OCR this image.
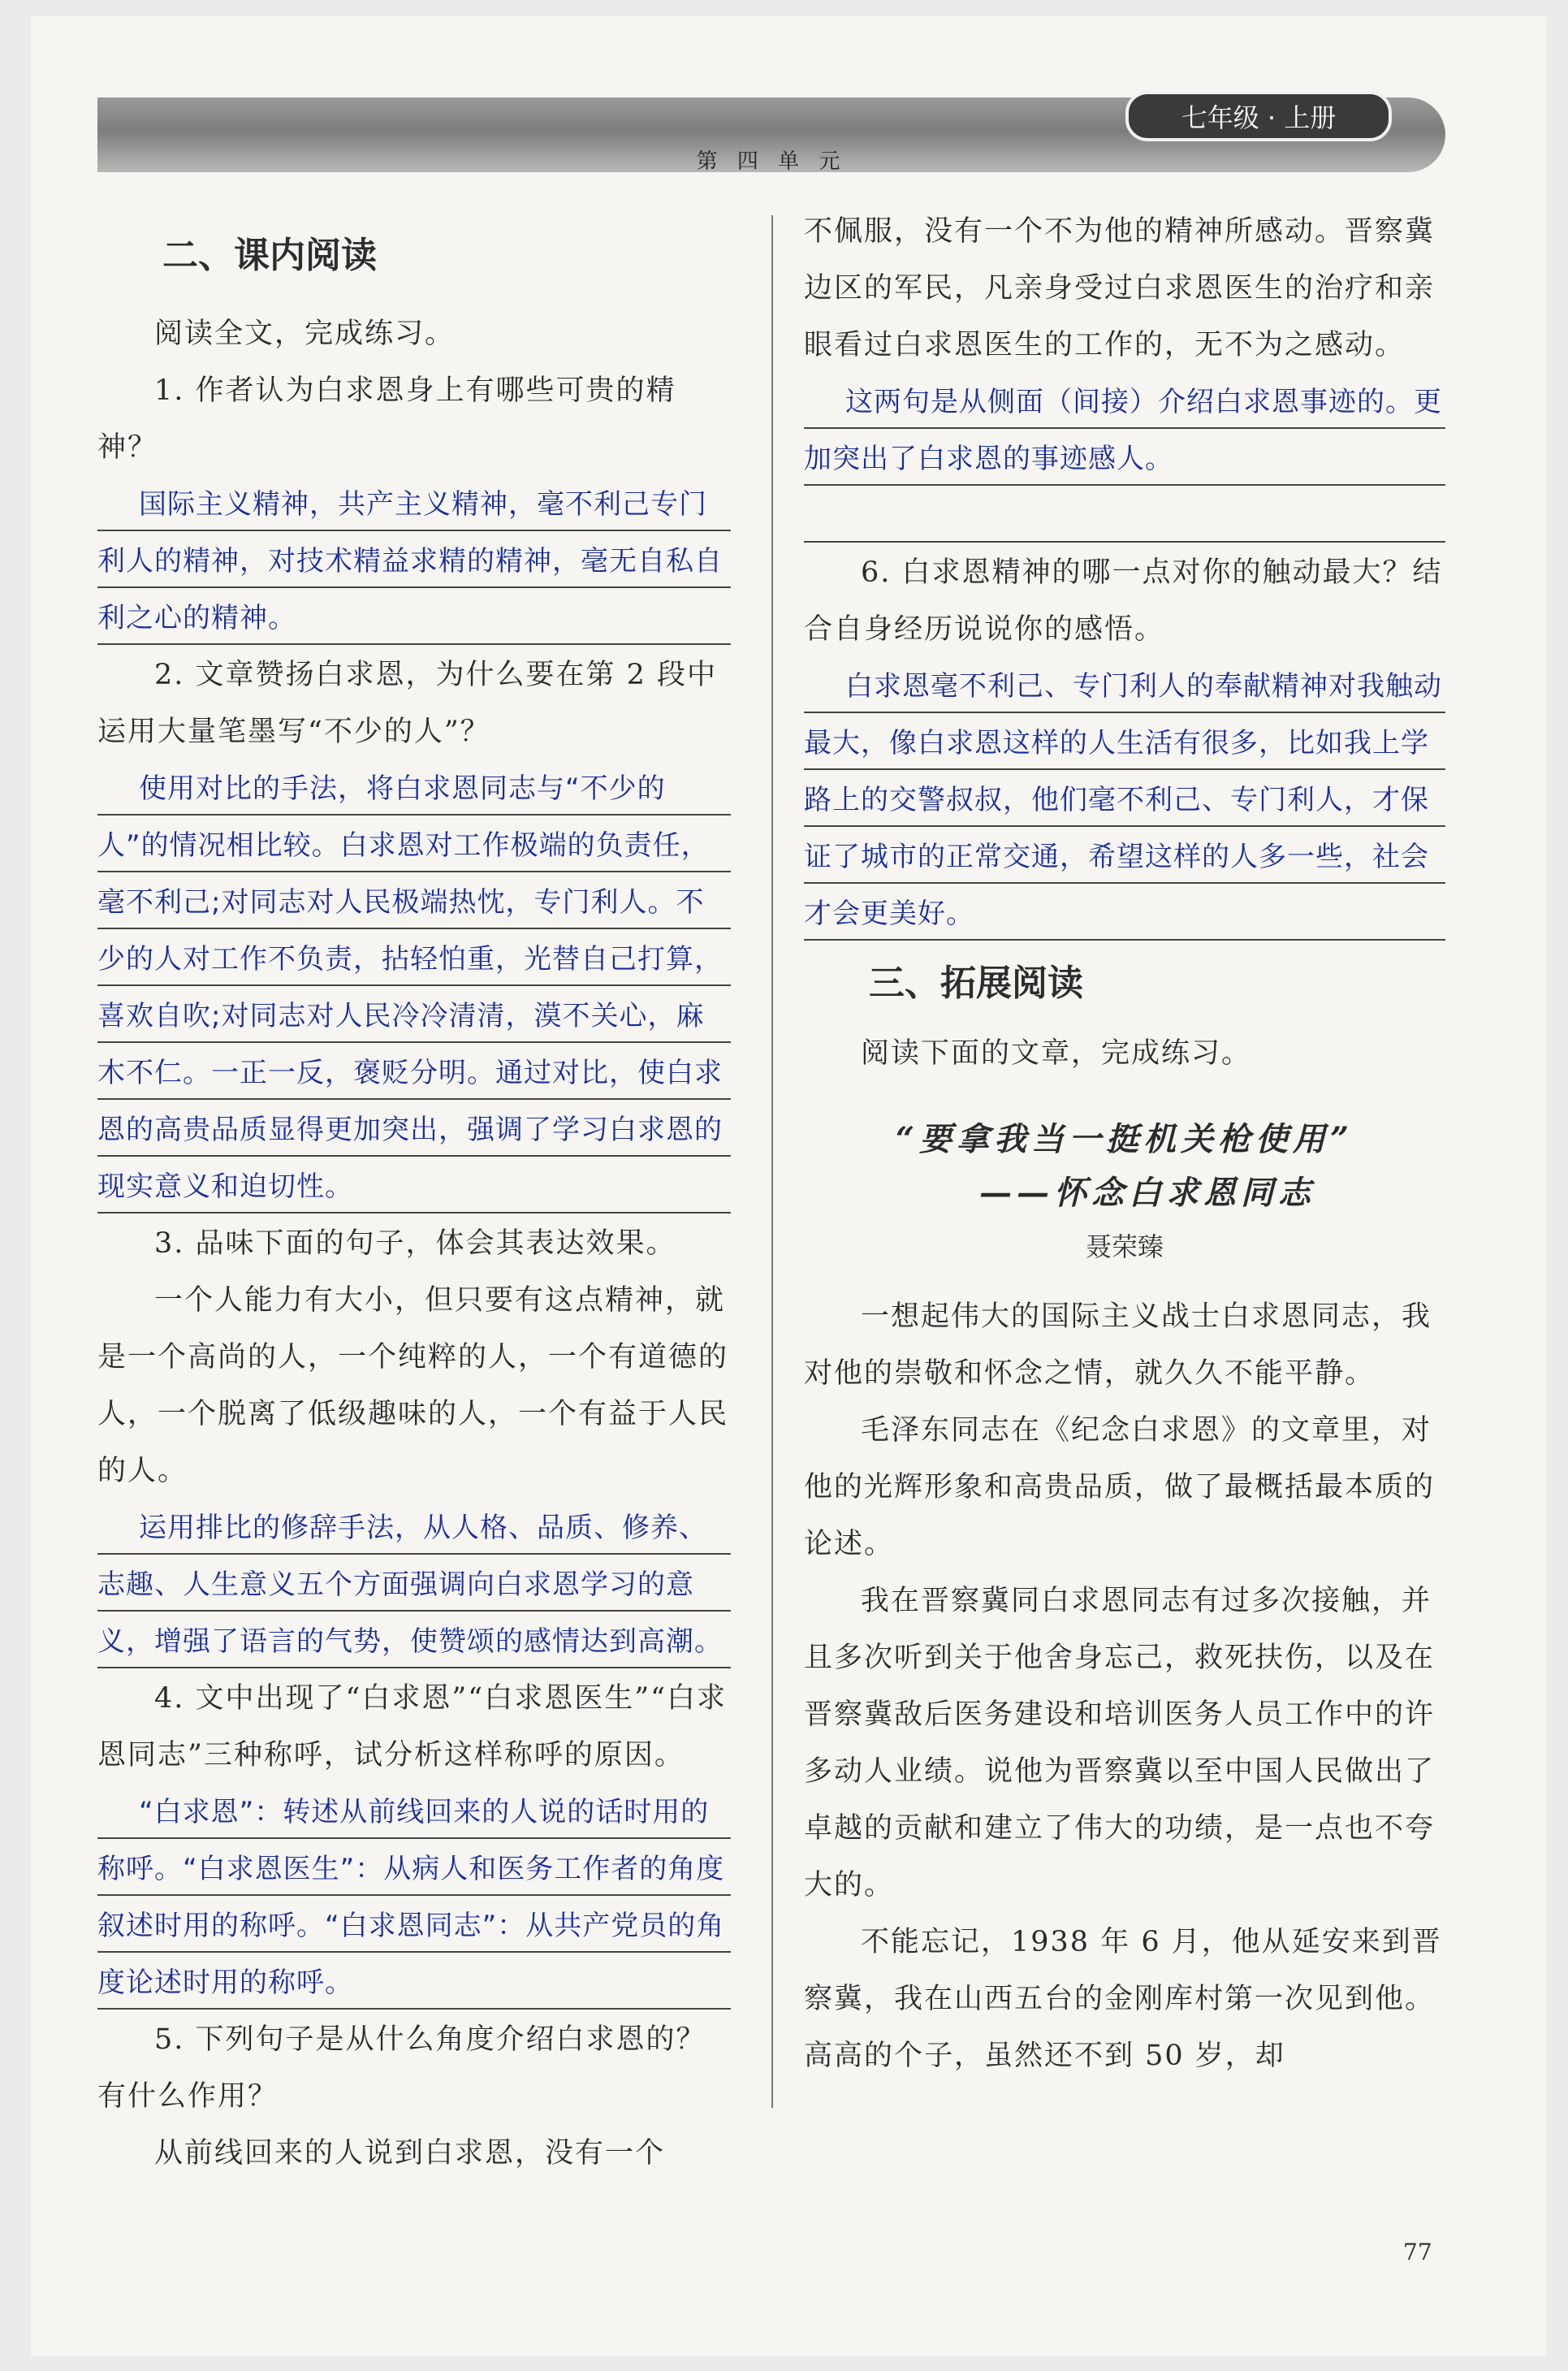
第 四 单 元
七年级 · 上册
二、课内阅读

阅读全文，完成练习。

1. 作者认为白求恩身上有哪些可贵的精神？

国际主义精神，共产主义精神，毫不利己专门利人的精神，对技术精益求精的精神，毫无自私自利之心的精神。

2. 文章赞扬白求恩，为什么要在第 2 段中运用大量笔墨写“不少的人”？

使用对比的手法，将白求恩同志与“不少的人”的情况相比较。白求恩对工作极端的负责任，毫不利己;对同志对人民极端热忱，专门利人。不少的人对工作不负责，拈轻怕重，光替自己打算，喜欢自吹;对同志对人民冷冷清清，漠不关心，麻木不仁。一正一反，褒贬分明。通过对比，使白求恩的高贵品质显得更加突出，强调了学习白求恩的现实意义和迫切性。

3. 品味下面的句子，体会其表达效果。

一个人能力有大小，但只要有这点精神，就是一个高尚的人，一个纯粹的人，一个有道德的人，一个脱离了低级趣味的人，一个有益于人民的人。

运用排比的修辞手法，从人格、品质、修养、志趣、人生意义五个方面强调向白求恩学习的意义，增强了语言的气势，使赞颂的感情达到高潮。

4. 文中出现了“白求恩”“白求恩医生”“白求恩同志”三种称呼，试分析这样称呼的原因。

“白求恩”：转述从前线回来的人说的话时用的称呼。“白求恩医生”：从病人和医务工作者的角度叙述时用的称呼。“白求恩同志”：从共产党员的角度论述时用的称呼。

5. 下列句子是从什么角度介绍白求恩的？有什么作用？

从前线回来的人说到白求恩，没有一个

不佩服，没有一个不为他的精神所感动。晋察冀边区的军民，凡亲身受过白求恩医生的治疗和亲眼看过白求恩医生的工作的，无不为之感动。

这两句是从侧面（间接）介绍白求恩事迹的。更加突出了白求恩的事迹感人。

6. 白求恩精神的哪一点对你的触动最大？结合自身经历说说你的感悟。

白求恩毫不利己、专门利人的奉献精神对我触动最大，像白求恩这样的人生活有很多，比如我上学路上的交警叔叔，他们毫不利己、专门利人，才保证了城市的正常交通，希望这样的人多一些，社会才会更美好。

三、拓展阅读

阅读下面的文章，完成练习。

“要拿我当一挺机关枪使用”
——怀念白求恩同志
聂荣臻

一想起伟大的国际主义战士白求恩同志，我对他的崇敬和怀念之情，就久久不能平静。

毛泽东同志在《纪念白求恩》的文章里，对他的光辉形象和高贵品质，做了最概括最本质的论述。

我在晋察冀同白求恩同志有过多次接触，并且多次听到关于他舍身忘己，救死扶伤，以及在晋察冀敌后医务建设和培训医务人员工作中的许多动人业绩。说他为晋察冀以至中国人民做出了卓越的贡献和建立了伟大的功绩，是一点也不夸大的。

不能忘记，1938 年 6 月，他从延安来到晋察冀，我在山西五台的金刚库村第一次见到他。高高的个子，虽然还不到 50 岁，却

77
